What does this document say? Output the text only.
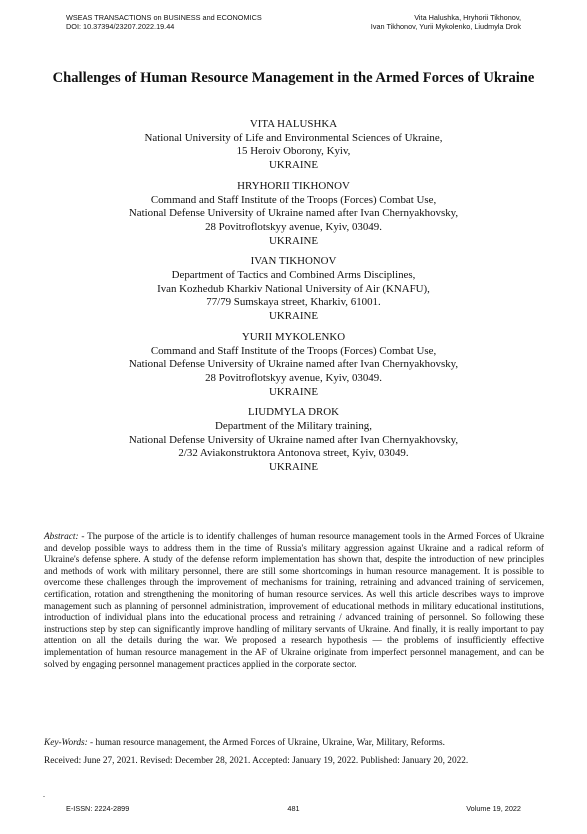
WSEAS TRANSACTIONS on BUSINESS and ECONOMICS
DOI: 10.37394/23207.2022.19.44
Vita Halushka, Hryhorii Tikhonov,
Ivan Tikhonov, Yurii Mykolenko, Liudmyla Drok
Challenges of Human Resource Management in the Armed Forces of Ukraine
VITA HALUSHKA
National University of Life and Environmental Sciences of Ukraine,
15 Heroiv Oborony, Kyiv,
UKRAINE
HRYHORII TIKHONOV
Command and Staff Institute of the Troops (Forces) Combat Use,
National Defense University of Ukraine named after Ivan Chernyakhovsky,
28 Povitroflotskyy avenue, Kyiv, 03049.
UKRAINE
IVAN TIKHONOV
Department of Tactics and Combined Arms Disciplines,
Ivan Kozhedub Kharkiv National University of Air (KNAFU),
77/79 Sumskaya street, Kharkiv, 61001.
UKRAINE
YURII MYKOLENKO
Command and Staff Institute of the Troops (Forces) Combat Use,
National Defense University of Ukraine named after Ivan Chernyakhovsky,
28 Povitroflotskyy avenue, Kyiv, 03049.
UKRAINE
LIUDMYLA DROK
Department of the Military training,
National Defense University of Ukraine named after Ivan Chernyakhovsky,
2/32 Aviakonstruktora Antonova street, Kyiv, 03049.
UKRAINE

Abstract: - The purpose of the article is to identify challenges of human resource management tools in the Armed Forces of Ukraine and develop possible ways to address them in the time of Russia's military aggression against Ukraine and a radical reform of Ukraine's defense sphere. A study of the defense reform implementation has shown that, despite the introduction of new principles and methods of work with military personnel, there are still some shortcomings in human resource management. It is possible to overcome these challenges through the improvement of mechanisms for training, retraining and advanced training of servicemen, certification, rotation and strengthening the monitoring of human resource services. As well this article describes ways to improve management such as planning of personnel administration, improvement of educational methods in military educational institutions, introduction of individual plans into the educational process and retraining / advanced training of personnel. So following these instructions step by step can significantly improve handling of military servants of Ukraine. And finally, it is really important to pay attention on all the details during the war. We proposed a research hypothesis — the problems of insufficiently effective implementation of human resource management in the AF of Ukraine originate from imperfect personnel management, and can be solved by engaging personnel management practices applied in the corporate sector.

Key-Words: - human resource management, the Armed Forces of Ukraine, Ukraine, War, Military, Reforms.

Received: June 27, 2021. Revised: December 28, 2021. Accepted: January 19, 2022. Published: January 20, 2022.

-
E-ISSN: 2224-2899	481	Volume 19, 2022
